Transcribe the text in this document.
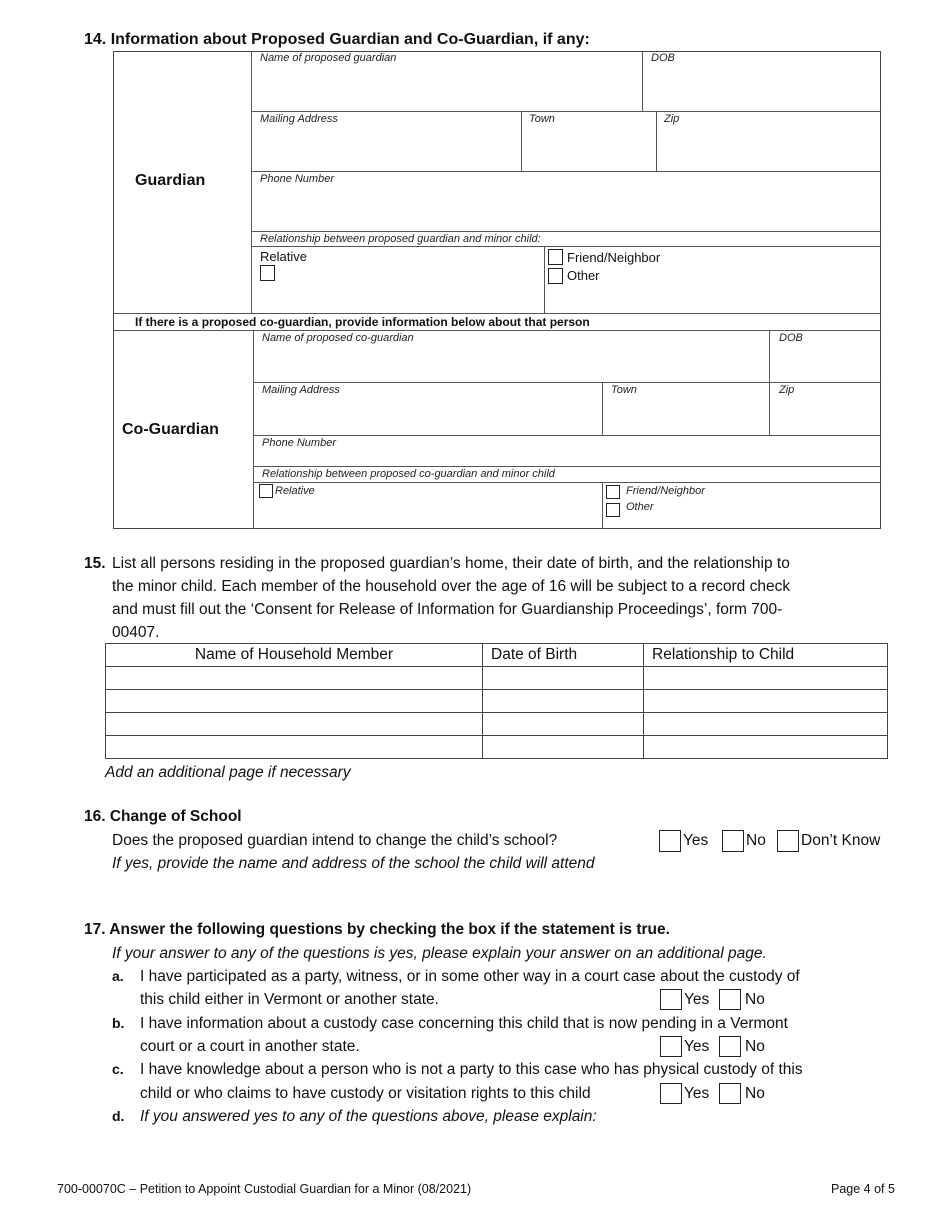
14. Information about Proposed Guardian and Co-Guardian, if any:
Guardian
Name of proposed guardian	DOB
Mailing Address	Town	Zip
Phone Number
Relationship between proposed guardian and minor child:
Relative	Friend/Neighbor
Other
If there is a proposed co-guardian, provide information below about that person
Co-Guardian
Name of proposed co-guardian	DOB
Mailing Address	Town	Zip
Phone Number
Relationship between proposed co-guardian and minor child
Relative	Friend/Neighbor
Other
15. List all persons residing in the proposed guardian’s home, their date of birth, and the relationship to
the minor child. Each member of the household over the age of 16 will be subject to a record check
and must fill out the ‘Consent for Release of Information for Guardianship Proceedings’, form 700-
00407.
Name of Household Member	Date of Birth	Relationship to Child

Add an additional page if necessary
16. Change of School
Does the proposed guardian intend to change the child’s school?
If yes, provide the name and address of the school the child will attend
Yes No Don’t Know
17. Answer the following questions by checking the box if the statement is true.
If your answer to any of the questions is yes, please explain your answer on an additional page.
a. I have participated as a party, witness, or in some other way in a court case about the custody of
this child either in Vermont or another state.	Yes No
b. I have information about a custody case concerning this child that is now pending in a Vermont
court or a court in another state.	Yes No
c. I have knowledge about a person who is not a party to this case who has physical custody of this
child or who claims to have custody or visitation rights to this child	Yes No
d. If you answered yes to any of the questions above, please explain:
700-00070C – Petition to Appoint Custodial Guardian for a Minor (08/2021)	Page 4 of 5
